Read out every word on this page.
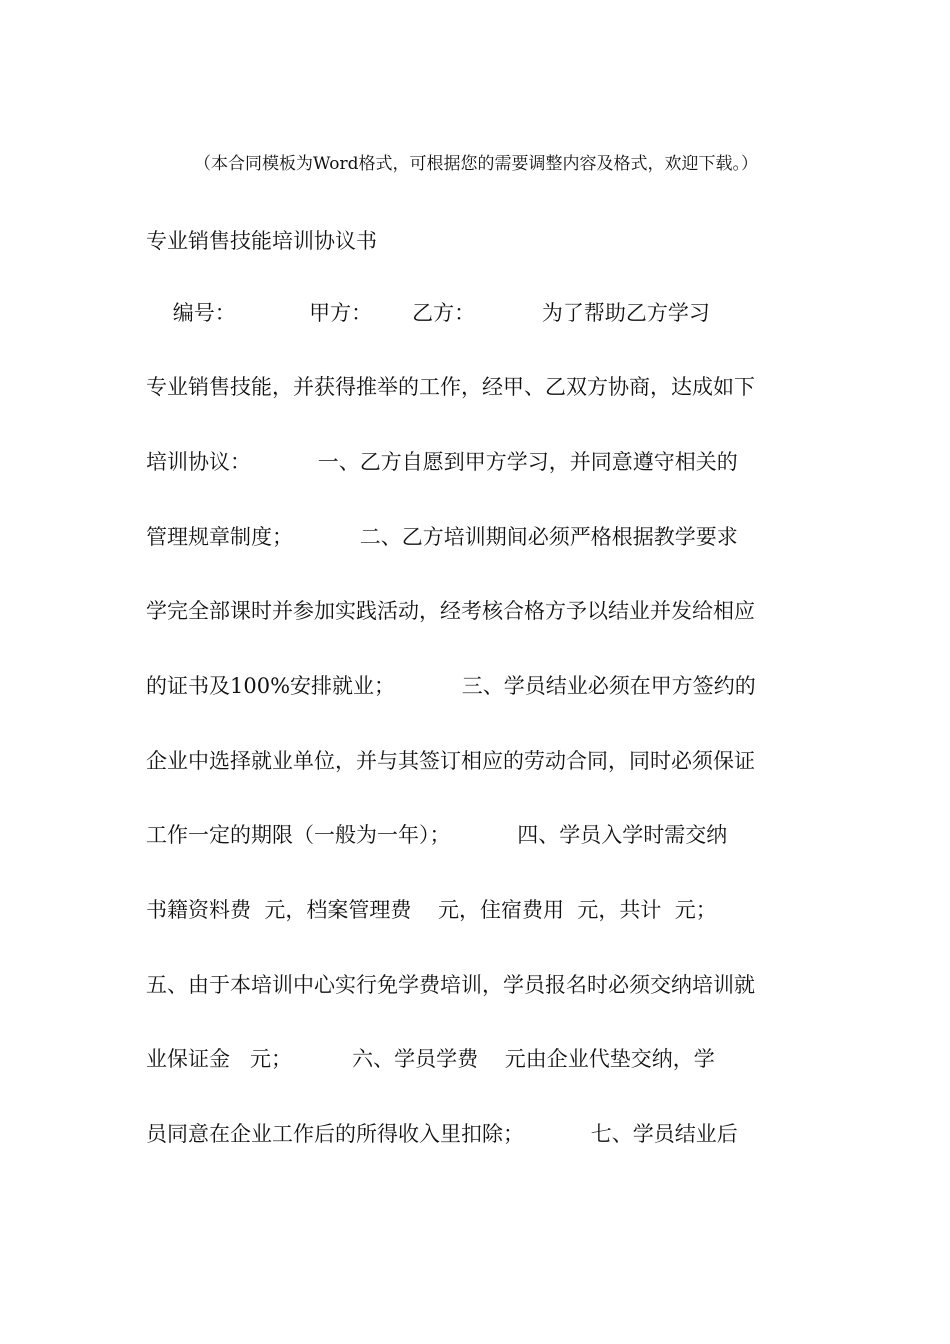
（本合同模板为Word格式，可根据您的需要调整内容及格式，欢迎下载。）
专业销售技能培训协议书
编号：           甲方：      乙方：          为了帮助乙方学习
专业销售技能，并获得推举的工作，经甲、乙双方协商，达成如下
培训协议：          一、乙方自愿到甲方学习，并同意遵守相关的
管理规章制度；          二、乙方培训期间必须严格根据教学要求
学完全部课时并参加实践活动，经考核合格方予以结业并发给相应
的证书及100%安排就业；          三、学员结业必须在甲方签约的
企业中选择就业单位，并与其签订相应的劳动合同，同时必须保证
工作一定的期限（一般为一年）；          四、学员入学时需交纳
书籍资料费  元，档案管理费    元，住宿费用  元，共计  元；
五、由于本培训中心实行免学费培训，学员报名时必须交纳培训就
业保证金   元；         六、学员学费    元由企业代垫交纳，学
员同意在企业工作后的所得收入里扣除；          七、学员结业后
